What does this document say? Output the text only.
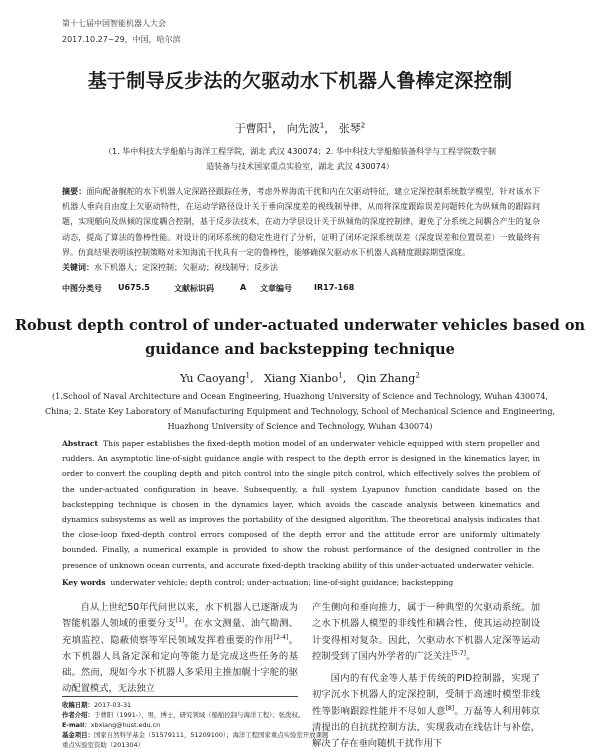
第十七届中国智能机器人大会
2017.10.27~29，中国，哈尔滨
基于制导反步法的欠驱动水下机器人鲁棒定深控制
于曹阳$^1$， 向先波$^1$， 张琴$^2$
（1. 华中科技大学船舶与海洋工程学院，湖北 武汉 430074；2. 华中科技大学船舶装备科学与工程学院数字制
造装备与技术国家重点实验室，湖北 武汉 430074）
摘要：面向配备艉舵的水下机器人定深路径跟踪任务，考虑外界海流干扰和内在欠驱动特征，建立定深控制系统数学模型，针对该水下机器人垂向自由度上欠驱动特性，在运动学路径设计关于垂向深度差的视线制导律，从而将深度跟踪误差问题转化为纵倾角的跟踪问题，实现艏向及纵倾的深度耦合控制，基于反步法技术，在动力学层设计关于纵倾角的深度控制律，避免了分系统之间耦合产生的复杂动态，提高了算法的鲁棒性能。对设计的闭环系统的稳定性进行了分析，证明了闭环定深系统误差（深度误差和位置误差）一致最终有界。仿真结果表明该控制策略对未知海流干扰具有一定的鲁棒性，能够确保欠驱动水下机器人高精度跟踪期望深度。
关键词：水下机器人；定深控制；欠驱动；视线制导；反步法
中图分类号 U675.5	文献标识码	A 文章编号	IR17-168
Robust depth control of under-actuated underwater vehicles based on
guidance and backstepping technique
Yu Caoyang$^1$,   Xiang Xianbo$^1$,   Qin Zhang$^2$
(1.School of Naval Architecture and Ocean Engineering, Huazhong University of Science and Technology, Wuhan 430074,
China; 2. State Key Laboratory of Manufacturing Equipment and Technology, School of Mechanical Science and Engineering,
Huazhong University of Science and Technology, Wuhan 430074)
Abstract This paper establishes the fixed-depth motion model of an underwater vehicle equipped with stern propeller and rudders. An asymptotic line-of-sight guidance angle with respect to the depth error is designed in the kinematics layer, in order to convert the coupling depth and pitch control into the single pitch control, which effectively solves the problem of the under-actuated configuration in heave. Subsequently, a full system Lyapunov function candidate based on the backstepping technique is chosen in the dynamics layer, which avoids the cascade analysis between kinematics and dynamics subsystems as well as improves the portability of the designed algorithm. The theoretical analysis indicates that the close-loop fixed-depth control errors composed of the depth error and the attitude error are uniformly ultimately bounded. Finally, a numerical example is provided to show the robust performance of the designed controller in the presence of unknown ocean currents, and accurate fixed-depth tracking ability of this under-actuated underwater vehicle.
Key words underwater vehicle; depth control; under-actuation; line-of-sight guidance; backstepping

自从上世纪50年代问世以来，水下机器人已逐渐成为智能机器人领域的重要分支[1]。在水文测量、油气勘测、充填监控、隐蔽侦察等军民领域发挥着重要的作用[2-4]。水下机器人具备定深和定向等能力是完成这些任务的基础。然而，现如今水下机器人多采用主推加艉十字舵的驱动配置模式，无法独立

收稿日期：2017-03-31
作者介绍：于曹阳（1991-），男，博士，研究领域（船舶控制与海洋工程）；张泼权。
E-mail：xbxiang@hust.edu.cn
基金项目：国家自然科学基金（51579111，51209100）；海洋工程国家重点实验室开放课题
重点实验室资助（201304）

产生侧向和垂向推力，属于一种典型的欠驱动系统。加之水下机器人模型的非线性和耦合性，使其运动控制设计变得相对复杂。因此，欠驱动水下机器人定深等运动控制受到了国内外学者的广泛关注[5-7]。

国内的有代金等人基于传统的PID控制器，实现了初字沉水下机器人的定深控制，受制于高速时模型非线性等影响跟踪性能并不尽如人意[8]。万磊等人利用韩京清提出的自抗扰控制方法，实现我动在线估计与补偿，解决了存在垂向随机干扰作用下
